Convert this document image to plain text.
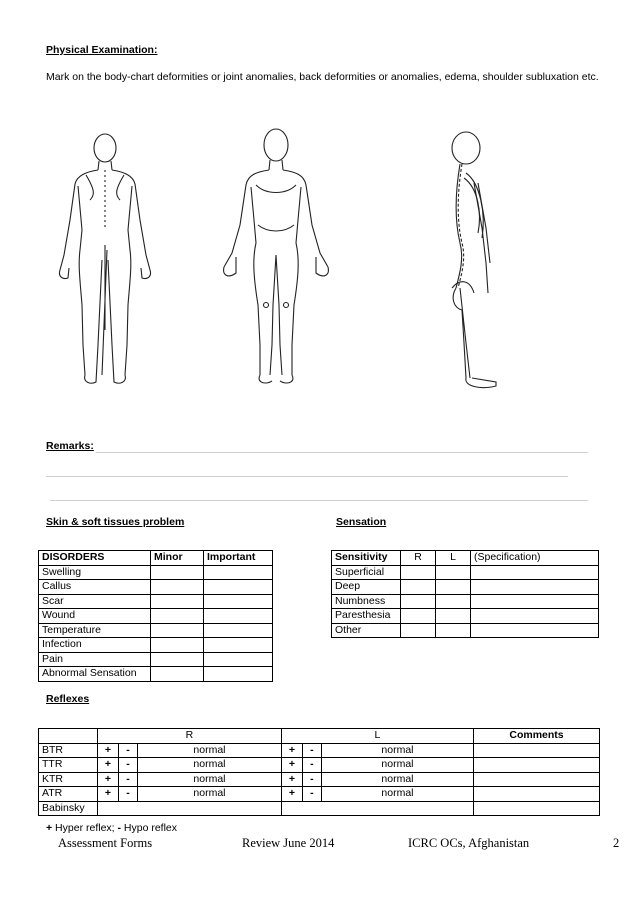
Physical Examination:
Mark on the body-chart deformities or joint anomalies, back deformities or anomalies, edema, shoulder subluxation etc.
Remarks:
Skin & soft tissues problem	Sensation
DISORDERS	Minor	Important
Swelling		
Callus		
Scar		
Wound		
Temperature		
Infection		
Pain		
Abnormal Sensation		
Sensitivity	R	L	(Specification)
Superficial			
Deep			
Numbness			
Paresthesia			
Other			
Reflexes
	R			L			Comments
BTR	+	-	normal	+	-	normal	
TTR	+	-	normal	+	-	normal	
KTR	+	-	normal	+	-	normal	
ATR	+	-	normal	+	-	normal	
Babinsky							
+ Hyper reflex; - Hypo reflex
Assessment Forms	Review June 2014	ICRC OCs, Afghanistan	2
